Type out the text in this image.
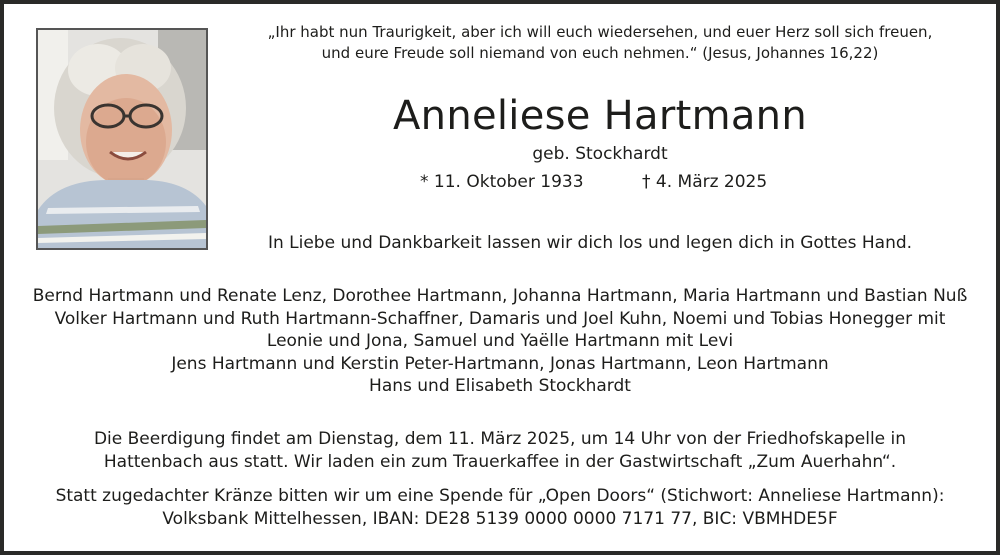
„Ihr habt nun Traurigkeit, aber ich will euch wiedersehen, und euer Herz soll sich freuen,
und eure Freude soll niemand von euch nehmen.“ (Jesus, Johannes 16,22)
Anneliese Hartmann
geb. Stockhardt
* 11. Oktober 1933	† 4. März 2025
In Liebe und Dankbarkeit lassen wir dich los und legen dich in Gottes Hand.
Bernd Hartmann und Renate Lenz, Dorothee Hartmann, Johanna Hartmann, Maria Hartmann und Bastian Nuß
Volker Hartmann und Ruth Hartmann-Schaffner, Damaris und Joel Kuhn, Noemi und Tobias Honegger mit
Leonie und Jona, Samuel und Yaëlle Hartmann mit Levi
Jens Hartmann und Kerstin Peter-Hartmann, Jonas Hartmann, Leon Hartmann
Hans und Elisabeth Stockhardt
Die Beerdigung findet am Dienstag, dem 11. März 2025, um 14 Uhr von der Friedhofskapelle in
Hattenbach aus statt. Wir laden ein zum Trauerkaffee in der Gastwirtschaft „Zum Auerhahn“.
Statt zugedachter Kränze bitten wir um eine Spende für „Open Doors“ (Stichwort: Anneliese Hartmann):
Volksbank Mittelhessen, IBAN: DE28 5139 0000 0000 7171 77, BIC: VBMHDE5F
